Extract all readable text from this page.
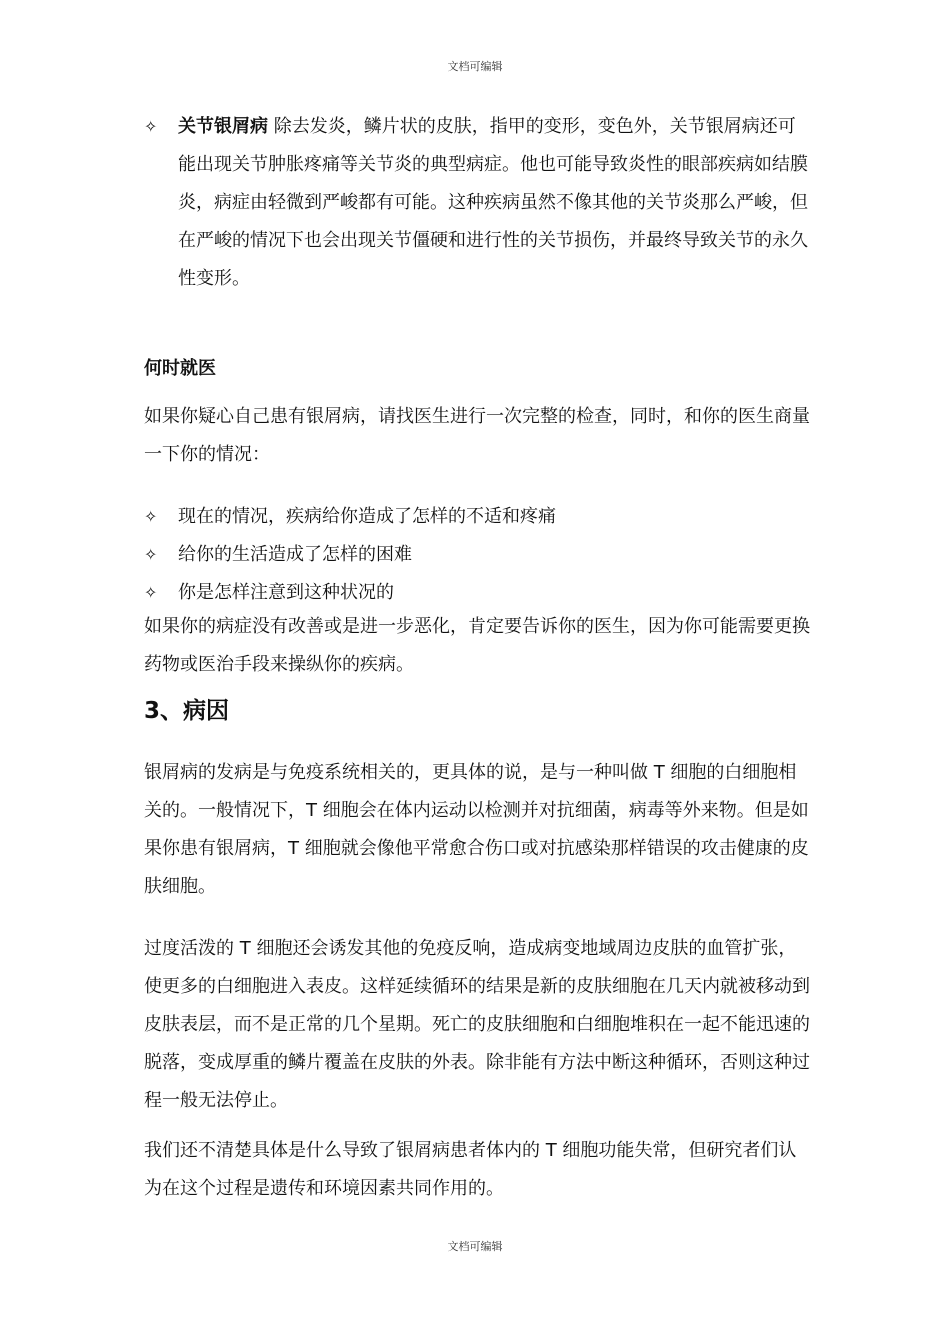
文档可编辑
✧	关节银屑病 除去发炎，鳞片状的皮肤，指甲的变形，变色外，关节银屑病还可能出现关节肿胀疼痛等关节炎的典型病症。他也可能导致炎性的眼部疾病如结膜炎，病症由轻微到严峻都有可能。这种疾病虽然不像其他的关节炎那么严峻，但在严峻的情况下也会出现关节僵硬和进行性的关节损伤，并最终导致关节的永久性变形。

何时就医

如果你疑心自己患有银屑病，请找医生进行一次完整的检查，同时，和你的医生商量一下你的情况：

✧	现在的情况，疾病给你造成了怎样的不适和疼痛
✧	给你的生活造成了怎样的困难
✧	你是怎样注意到这种状况的

如果你的病症没有改善或是进一步恶化，肯定要告诉你的医生，因为你可能需要更换药物或医治手段来操纵你的疾病。

3、病因

银屑病的发病是与免疫系统相关的，更具体的说，是与一种叫做 T 细胞的白细胞相关的。一般情况下，T 细胞会在体内运动以检测并对抗细菌，病毒等外来物。但是如果你患有银屑病，T 细胞就会像他平常愈合伤口或对抗感染那样错误的攻击健康的皮肤细胞。

过度活泼的 T 细胞还会诱发其他的免疫反响，造成病变地域周边皮肤的血管扩张，使更多的白细胞进入表皮。这样延续循环的结果是新的皮肤细胞在几天内就被移动到皮肤表层，而不是正常的几个星期。死亡的皮肤细胞和白细胞堆积在一起不能迅速的脱落，变成厚重的鳞片覆盖在皮肤的外表。除非能有方法中断这种循环，否则这种过程一般无法停止。

我们还不清楚具体是什么导致了银屑病患者体内的 T 细胞功能失常，但研究者们认为在这个过程是遗传和环境因素共同作用的。

文档可编辑
